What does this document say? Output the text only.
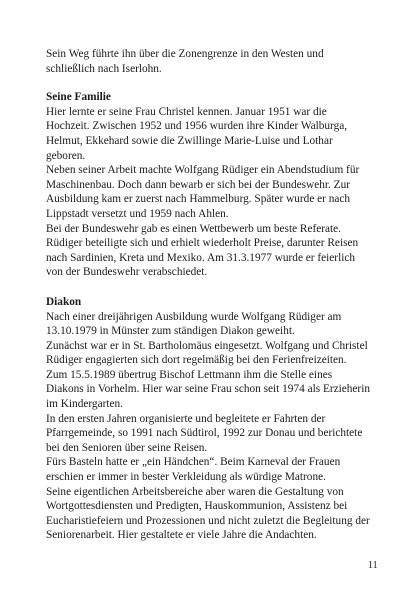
Sein Weg führte ihn über die Zonengrenze in den Westen und
schließlich nach Iserlohn.

Seine Familie

Hier lernte er seine Frau Christel kennen. Januar 1951 war die
Hochzeit. Zwischen 1952 und 1956 wurden ihre Kinder Walburga,
Helmut, Ekkehard sowie die Zwillinge Marie-Luise und Lothar
geboren.
Neben seiner Arbeit machte Wolfgang Rüdiger ein Abendstudium für
Maschinenbau. Doch dann bewarb er sich bei der Bundeswehr. Zur
Ausbildung kam er zuerst nach Hammelburg. Später wurde er nach
Lippstadt versetzt und 1959 nach Ahlen.
Bei der Bundeswehr gab es einen Wettbewerb um beste Referate.
Rüdiger beteiligte sich und erhielt wiederholt Preise, darunter Reisen
nach Sardinien, Kreta und Mexiko. Am 31.3.1977 wurde er feierlich
von der Bundeswehr verabschiedet.

Diakon

Nach einer dreijährigen Ausbildung wurde Wolfgang Rüdiger am
13.10.1979 in Münster zum ständigen Diakon geweiht.
Zunächst war er in St. Bartholomäus eingesetzt. Wolfgang und Christel
Rüdiger engagierten sich dort regelmäßig bei den Ferienfreizeiten.
Zum 15.5.1989 übertrug Bischof Lettmann ihm die Stelle eines
Diakons in Vorhelm. Hier war seine Frau schon seit 1974 als Erzieherin
im Kindergarten.
In den ersten Jahren organisierte und begleitete er Fahrten der
Pfarrgemeinde, so 1991 nach Südtirol, 1992 zur Donau und berichtete
bei den Senioren über seine Reisen.
Fürs Basteln hatte er „ein Händchen“. Beim Karneval der Frauen
erschien er immer in bester Verkleidung als würdige Matrone.
Seine eigentlichen Arbeitsbereiche aber waren die Gestaltung von
Wortgottesdiensten und Predigten, Hauskommunion, Assistenz bei
Eucharistiefeiern und Prozessionen und nicht zuletzt die Begleitung der
Seniorenarbeit. Hier gestaltete er viele Jahre die Andachten.

11
